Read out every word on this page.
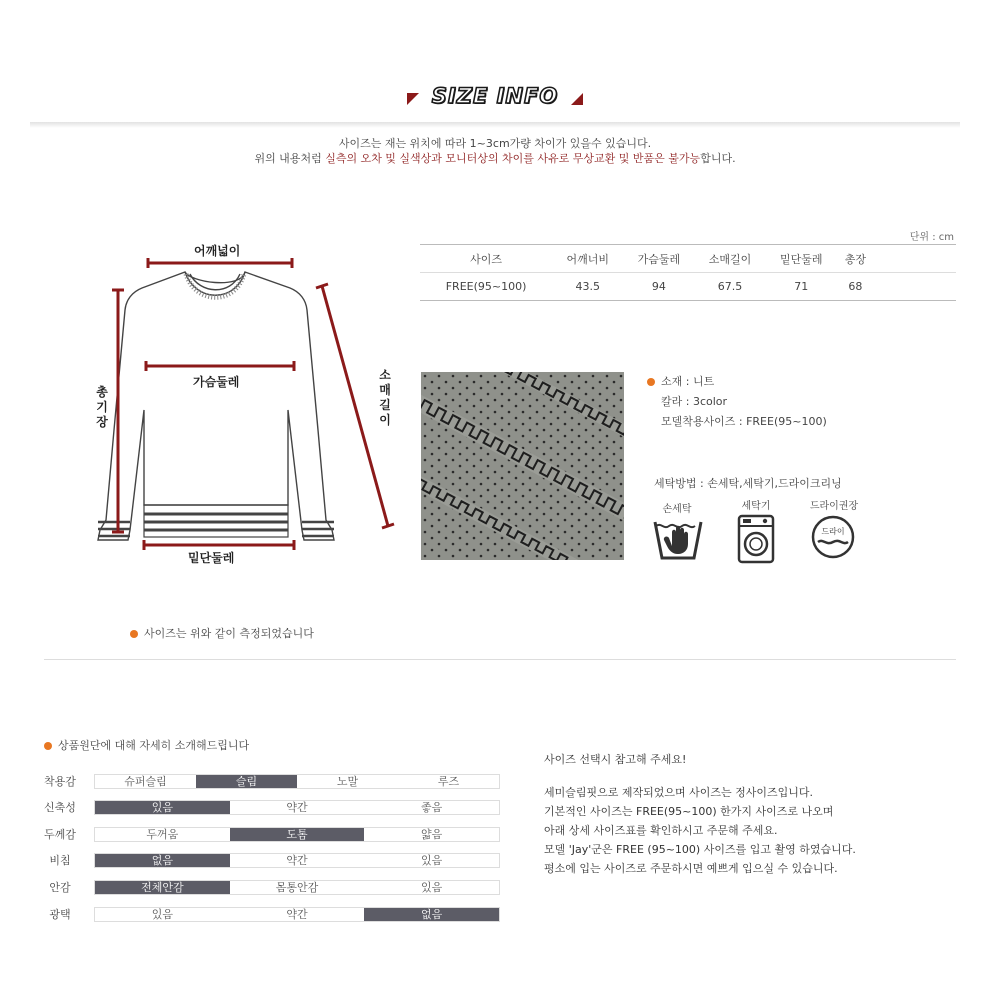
SIZE INFO
사이즈는 재는 위치에 따라 1~3cm가량 차이가 있을수 있습니다.
위의 내용처럼 실측의 오차 및 실색상과 모니터상의 차이를 사유로 무상교환 및 반품은 불가능합니다.
어깨넓이
가슴둘레
밑단둘레
총
기
장
소
매
길
이
사이즈는 위와 같이 측정되었습니다
단위 : cm
사이즈	어깨너비	가슴둘레	소매길이	밑단둘레	총장	
FREE(95~100)	43.5	94	67.5	71	68	
소재 : 니트
칼라 : 3color
모델착용사이즈 : FREE(95~100)
세탁방법 : 손세탁,세탁기,드라이크리닝
손세탁	세탁기	드라이권장
드라이
상품원단에 대해 자세히 소개해드립니다
착용감	슈퍼슬림	슬림	노말	루즈
신축성	있음	약간	좋음
두께감	두꺼움	도톰	얇음
비침	없음	약간	있음
안감	전체안감	몸통안감	있음
광택	있음	약간	없음
사이즈 선택시 참고해 주세요!
세미슬림핏으로 제작되었으며 사이즈는 정사이즈입니다.
기본적인 사이즈는 FREE(95~100) 한가지 사이즈로 나오며
아래 상세 사이즈표를 확인하시고 주문해 주세요.
모델 'Jay'군은 FREE (95~100) 사이즈를 입고 촬영 하였습니다.
평소에 입는 사이즈로 주문하시면 예쁘게 입으실 수 있습니다.
